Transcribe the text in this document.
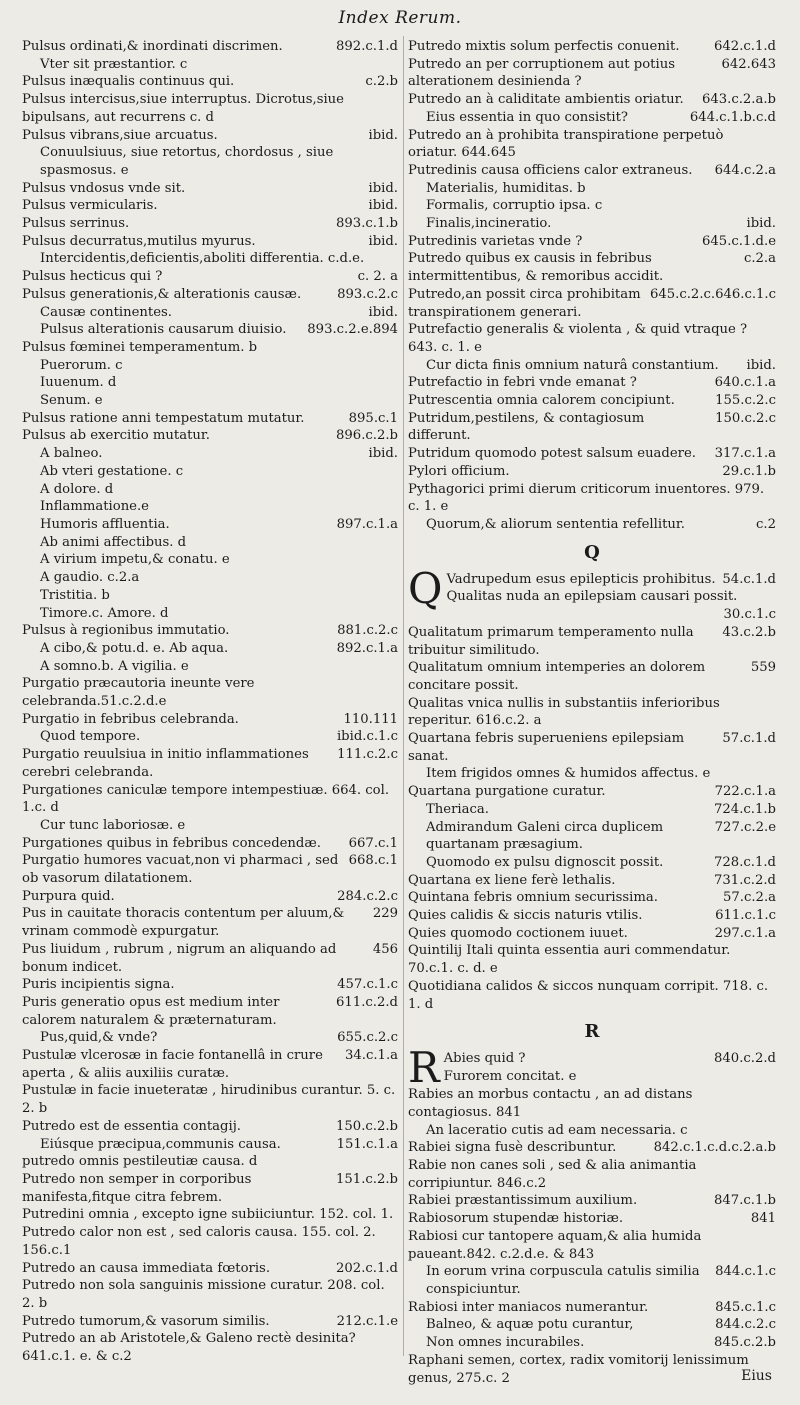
Index Rerum.
892.c.1.d
Pulsus ordinati,& inordinati discrimen.
Vter sit præstantior. c
c.2.b
Pulsus inæqualis continuus qui.
Pulsus intercisus,siue interruptus. Dicrotus,siue bipulsans, aut recurrens c. d
ibid.
Pulsus vibrans,siue arcuatus.
Conuulsiuus, siue retortus, chordosus , siue spasmosus. e
ibid.
Pulsus vndosus vnde sit.
ibid.
Pulsus vermicularis.
893.c.1.b
Pulsus serrinus.
ibid.
Pulsus decurratus,mutilus myurus.
Intercidentis,deficientis,aboliti differentia. c.d.e.
c. 2. a
Pulsus hecticus qui ?
893.c.2.c
Pulsus generationis,& alterationis causæ.
ibid.
Causæ continentes.
893.c.2.e.894
Pulsus alterationis causarum diuisio.
Pulsus fœminei temperamentum. b
Puerorum. c
Iuuenum. d
Senum. e
895.c.1
Pulsus ratione anni tempestatum mutatur.
896.c.2.b
Pulsus ab exercitio mutatur.
ibid.
A balneo.
Ab vteri gestatione. c
A dolore. d
Inflammatione.e
897.c.1.a
Humoris affluentia.
Ab animi affectibus. d
A virium impetu,& conatu. e
A gaudio. c.2.a
Tristitia. b
Timore.c. Amore. d
881.c.2.c
Pulsus à regionibus immutatio.
892.c.1.a
A cibo,& potu.d. e. Ab aqua.
A somno.b. A vigilia. e
Purgatio præcautoria ineunte vere celebranda.51.c.2.d.e
110.111
Purgatio in febribus celebranda.
ibid.c.1.c
Quod tempore.
111.c.2.c
Purgatio reuulsiua in initio inflammationes cerebri celebranda.
Purgationes caniculæ tempore intempestiuæ. 664. col. 1.c. d
Cur tunc laboriosæ. e
667.c.1
Purgationes quibus in febribus concedendæ.
668.c.1
Purgatio humores vacuat,non vi pharmaci , sed ob vasorum dilatationem.
284.c.2.c
Purpura quid.
229
Pus in cauitate thoracis contentum per aluum,& vrinam commodè expurgatur.
456
Pus liuidum , rubrum , nigrum an aliquando ad bonum indicet.
457.c.1.c
Puris incipientis signa.
611.c.2.d
Puris generatio opus est medium inter calorem naturalem & præternaturam.
655.c.2.c
Pus,quid,& vnde?
34.c.1.a
Pustulæ vlcerosæ in facie fontanellâ in crure aperta , & aliis auxiliis curatæ.
Pustulæ in facie inueteratæ , hirudinibus curantur. 5. c. 2. b
150.c.2.b
Putredo est de essentia contagij.
151.c.1.a
Eiúsque præcipua,communis causa.
putredo omnis pestileutiæ causa. d
151.c.2.b
Putredo non semper in corporibus manifesta,fitque citra febrem.
Putredini omnia , excepto igne subiiciuntur. 152. col. 1.
Putredo calor non est , sed caloris causa. 155. col. 2. 156.c.1
202.c.1.d
Putredo an causa immediata fœtoris.
Putredo non sola sanguinis missione curatur. 208. col. 2. b
212.c.1.e
Putredo tumorum,& vasorum similis.
Putredo an ab Aristotele,& Galeno rectè desinita? 641.c.1. e. & c.2
642.c.1.d
Putredo mixtis solum perfectis conuenit.
642.643
Putredo an per corruptionem aut potius alterationem desinienda ?
643.c.2.a.b
Putredo an à caliditate ambientis oriatur.
644.c.1.b.c.d
Eius essentia in quo consistit?
Putredo an à prohibita transpiratione perpetuò oriatur. 644.645
644.c.2.a
Putredinis causa officiens calor extraneus.
Materialis, humiditas. b
Formalis, corruptio ipsa. c
ibid.
Finalis,incineratio.
645.c.1.d.e
Putredinis varietas vnde ?
c.2.a
Putredo quibus ex causis in febribus intermittentibus, & remoribus accidit.
645.c.2.c.646.c.1.c
Putredo,an possit circa prohibitam transpirationem generari.
Putrefactio generalis & violenta , & quid vtraque ? 643. c. 1. e
ibid.
Cur dicta finis omnium naturâ constantium.
640.c.1.a
Putrefactio in febri vnde emanat ?
155.c.2.c
Putrescentia omnia calorem concipiunt.
150.c.2.c
Putridum,pestilens, & contagiosum differunt.
317.c.1.a
Putridum quomodo potest salsum euadere.
29.c.1.b
Pylori officium.
Pythagorici primi dierum criticorum inuentores. 979. c. 1. e
c.2
Quorum,& aliorum sententia refellitur.
Q
Q Vadrupedum esus epilepticis prohibitus. 54.c.1.d
Qualitas nuda an epilepsiam causari possit.
30.c.1.c
43.c.2.b
Qualitatum primarum temperamento nulla tribuitur similitudo.
559
Qualitatum omnium intemperies an dolorem concitare possit.
Qualitas vnica nullis in substantiis inferioribus reperitur. 616.c.2. a
57.c.1.d
Quartana febris superueniens epilepsiam sanat.
Item frigidos omnes & humidos affectus. e
722.c.1.a
Quartana purgatione curatur.
724.c.1.b
Theriaca.
727.c.2.e
Admirandum Galeni circa duplicem quartanam præsagium.
728.c.1.d
Quomodo ex pulsu dignoscit possit.
731.c.2.d
Quartana ex liene ferè lethalis.
57.c.2.a
Quintana febris omnium securissima.
611.c.1.c
Quies calidis & siccis naturis vtilis.
297.c.1.a
Quies quomodo coctionem iuuet.
Quintilij Itali quinta essentia auri commendatur. 70.c.1. c. d. e
Quotidiana calidos & siccos nunquam corripit. 718. c. 1. d
R
R Abies quid ?	840.c.2.d
Furorem concitat. e
Rabies an morbus contactu , an ad distans contagiosus. 841
An laceratio cutis ad eam necessaria. c
842.c.1.c.d.c.2.a.b
Rabiei signa fusè describuntur.
Rabie non canes soli , sed & alia animantia corripiuntur. 846.c.2
847.c.1.b
Rabiei præstantissimum auxilium.
841
Rabiosorum stupendæ historiæ.
Rabiosi cur tantopere aquam,& alia humida paueant.842. c.2.d.e. & 843
844.c.1.c
In eorum vrina corpuscula catulis similia conspiciuntur.
845.c.1.c
Rabiosi inter maniacos numerantur.
844.c.2.c
Balneo, & aquæ potu curantur,
845.c.2.b
Non omnes incurabiles.
Raphani semen, cortex, radix vomitorij lenissimum genus, 275.c. 2	Eius
